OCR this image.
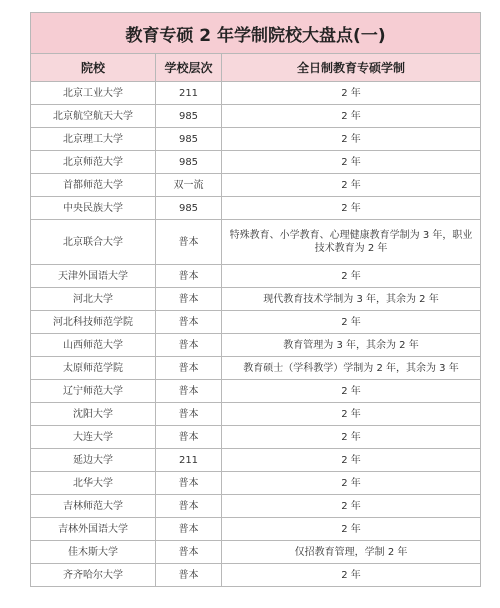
教育专硕 2 年学制院校大盘点(一)		
院校	学校层次	全日制教育专硕学制
北京工业大学	211	2 年
北京航空航天大学	985	2 年
北京理工大学	985	2 年
北京师范大学	985	2 年
首都师范大学	双一流	2 年
中央民族大学	985	2 年
北京联合大学	普本	特殊教育、小学教育、心理健康教育学制为 3 年，职业技术教育为 2 年
天津外国语大学	普本	2 年
河北大学	普本	现代教育技术学制为 3 年，其余为 2 年
河北科技师范学院	普本	2 年
山西师范大学	普本	教育管理为 3 年，其余为 2 年
太原师范学院	普本	教育硕士（学科教学）学制为 2 年，其余为 3 年
辽宁师范大学	普本	2 年
沈阳大学	普本	2 年
大连大学	普本	2 年
延边大学	211	2 年
北华大学	普本	2 年
吉林师范大学	普本	2 年
吉林外国语大学	普本	2 年
佳木斯大学	普本	仅招教育管理，学制 2 年
齐齐哈尔大学	普本	2 年
